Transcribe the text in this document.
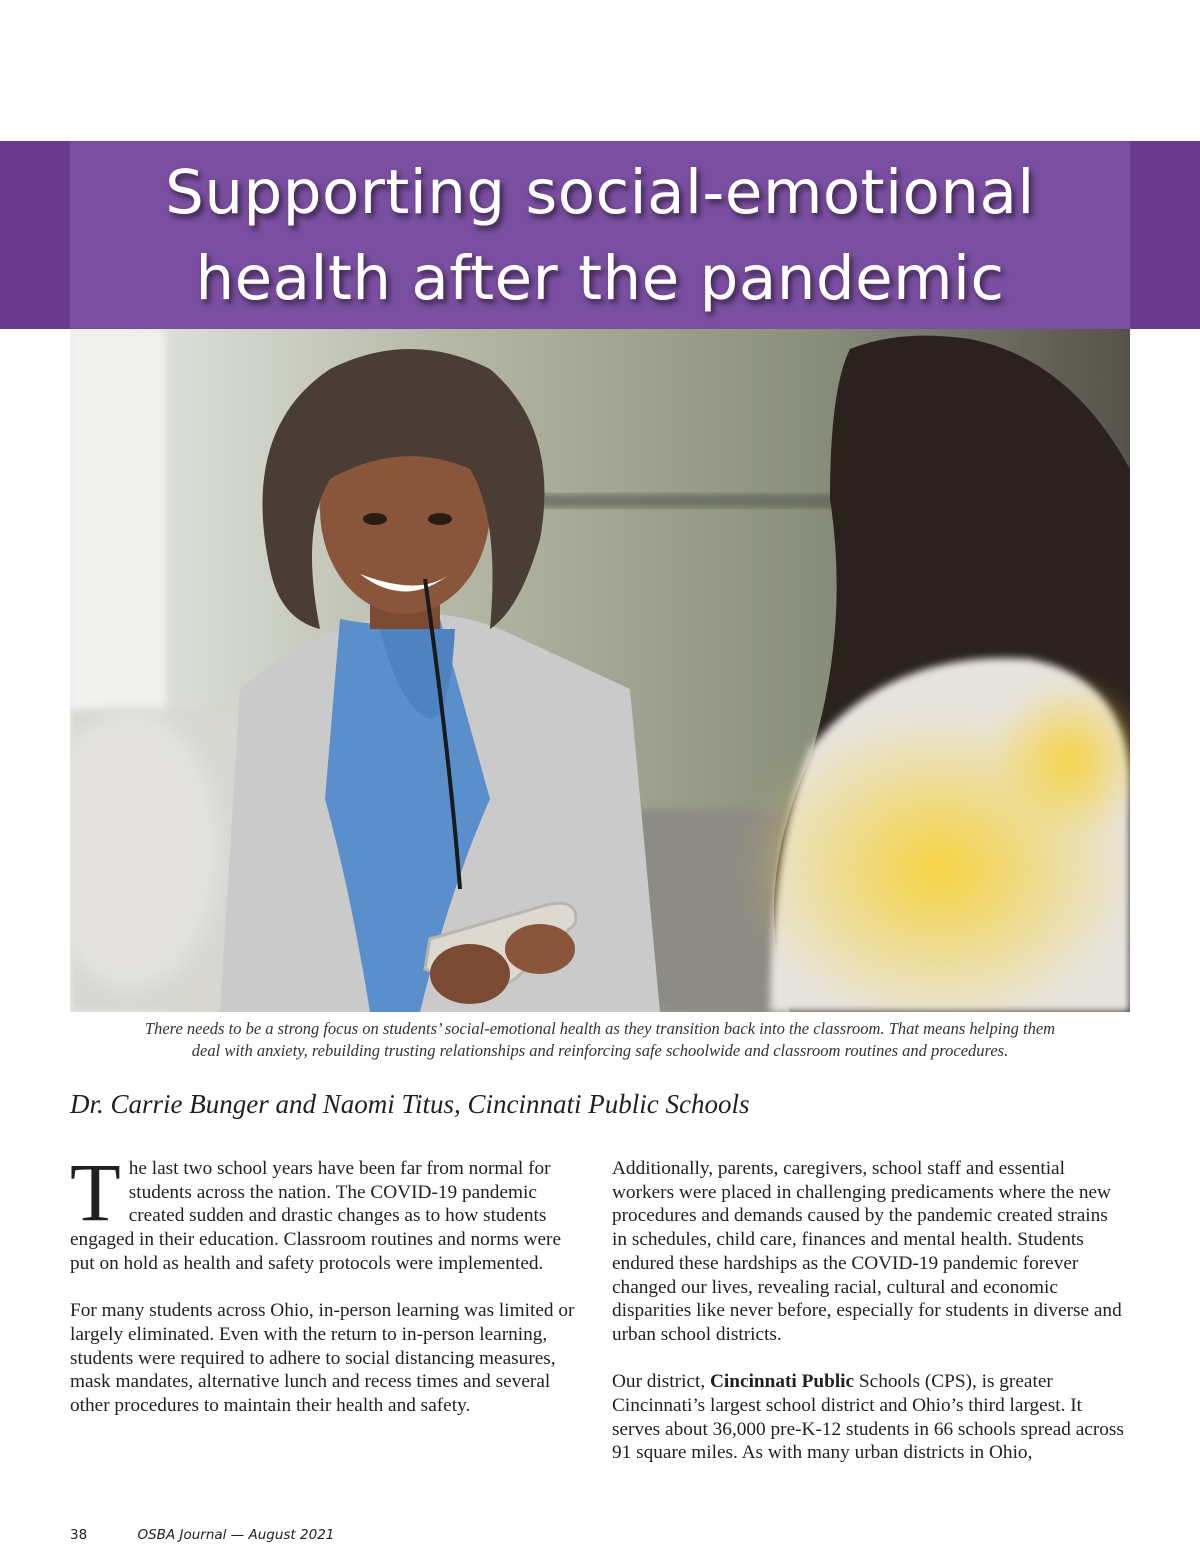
Supporting social-emotional
health after the pandemic

There needs to be a strong focus on students’ social-emotional health as they transition back into the classroom. That means helping them
deal with anxiety, rebuilding trusting relationships and reinforcing safe schoolwide and classroom routines and procedures.

Dr. Carrie Bunger and Naomi Titus, Cincinnati Public Schools

The last two school years have been far from normal for students across the nation. The COVID-19 pandemic created sudden and drastic changes as to how students engaged in their education. Classroom routines and norms were put on hold as health and safety protocols were implemented.

For many students across Ohio, in-person learning was limited or largely eliminated. Even with the return to in-person learning, students were required to adhere to social distancing measures, mask mandates, alternative lunch and recess times and several other procedures to maintain their health and safety.

Additionally, parents, caregivers, school staff and essential workers were placed in challenging predicaments where the new procedures and demands caused by the pandemic created strains in schedules, child care, finances and mental health. Students endured these hardships as the COVID-19 pandemic forever changed our lives, revealing racial, cultural and economic disparities like never before, especially for students in diverse and urban school districts.

Our district, Cincinnati Public Schools (CPS), is greater Cincinnati’s largest school district and Ohio’s third largest. It serves about 36,000 pre-K-12 students in 66 schools spread across 91 square miles. As with many urban districts in Ohio,

38	OSBA Journal — August 2021
